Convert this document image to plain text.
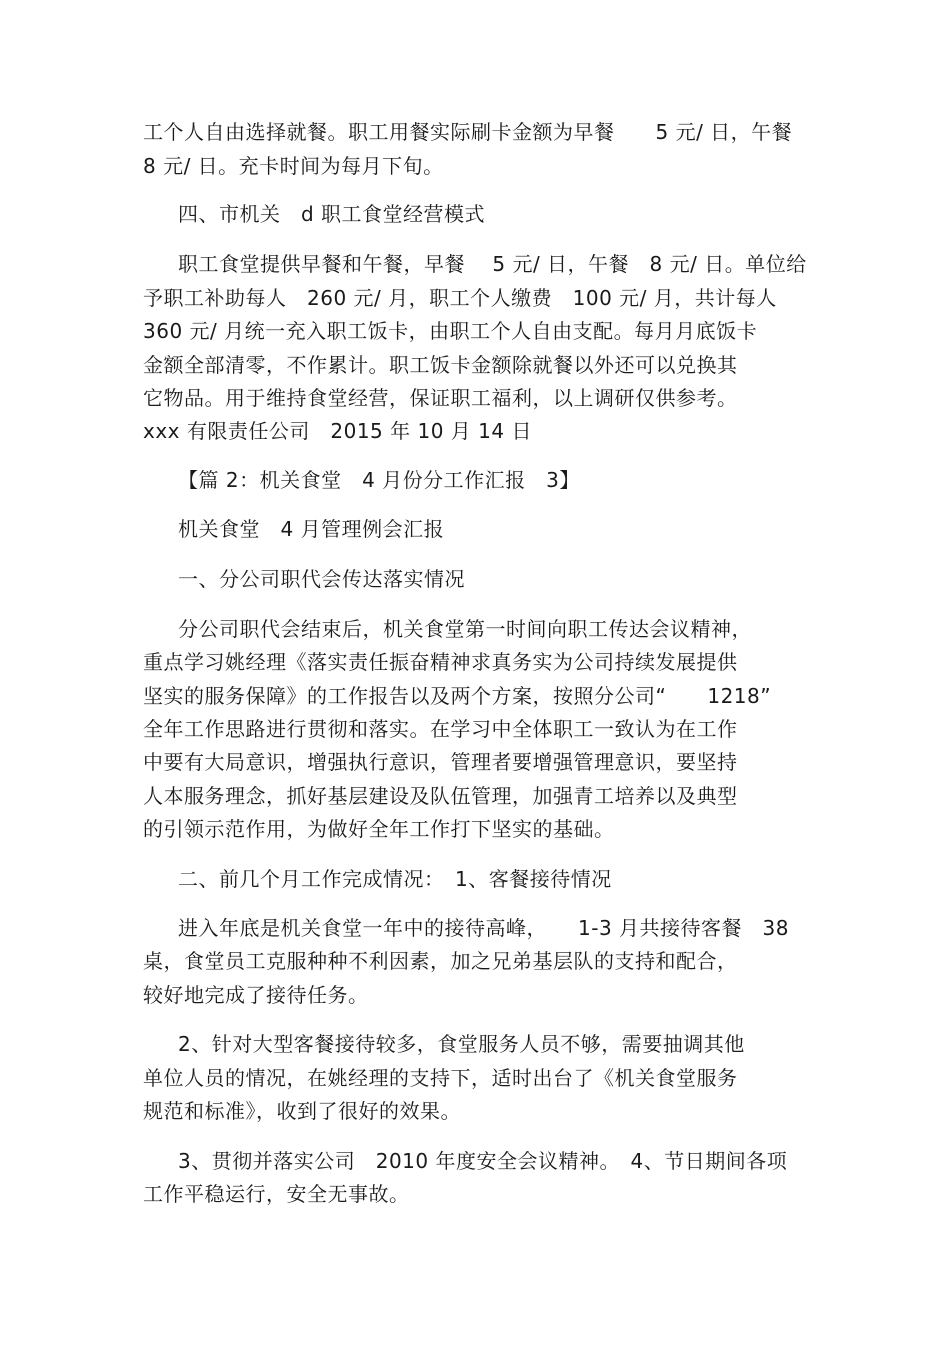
工个人自由选择就餐。职工用餐实际刷卡金额为早餐　　5 元/ 日，午餐
8 元/ 日。充卡时间为每月下旬。
四、市机关　d 职工食堂经营模式
职工食堂提供早餐和午餐，早餐　 5 元/ 日，午餐　8 元/ 日。单位给
予职工补助每人　260 元/ 月，职工个人缴费　100 元/ 月，共计每人
360 元/ 月统一充入职工饭卡，由职工个人自由支配。每月月底饭卡
金额全部清零，不作累计。职工饭卡金额除就餐以外还可以兑换其
它物品。用于维持食堂经营，保证职工福利，以上调研仅供参考。
xxx 有限责任公司　2015 年 10 月 14 日
【篇 2：机关食堂　4 月份分工作汇报　3】
机关食堂　4 月管理例会汇报
一、分公司职代会传达落实情况
分公司职代会结束后，机关食堂第一时间向职工传达会议精神，
重点学习姚经理《落实责任振奋精神求真务实为公司持续发展提供
坚实的服务保障》的工作报告以及两个方案，按照分公司“　　1218”
全年工作思路进行贯彻和落实。在学习中全体职工一致认为在工作
中要有大局意识，增强执行意识，管理者要增强管理意识，要坚持
人本服务理念，抓好基层建设及队伍管理，加强青工培养以及典型
的引领示范作用，为做好全年工作打下坚实的基础。
二、前几个月工作完成情况：　1、客餐接待情况
进入年底是机关食堂一年中的接待高峰，　　1-3 月共接待客餐　38
桌，食堂员工克服种种不利因素，加之兄弟基层队的支持和配合，
较好地完成了接待任务。
2、针对大型客餐接待较多，食堂服务人员不够，需要抽调其他
单位人员的情况，在姚经理的支持下，适时出台了《机关食堂服务
规范和标准》，收到了很好的效果。
3、贯彻并落实公司　2010 年度安全会议精神。　4、节日期间各项
工作平稳运行，安全无事故。
